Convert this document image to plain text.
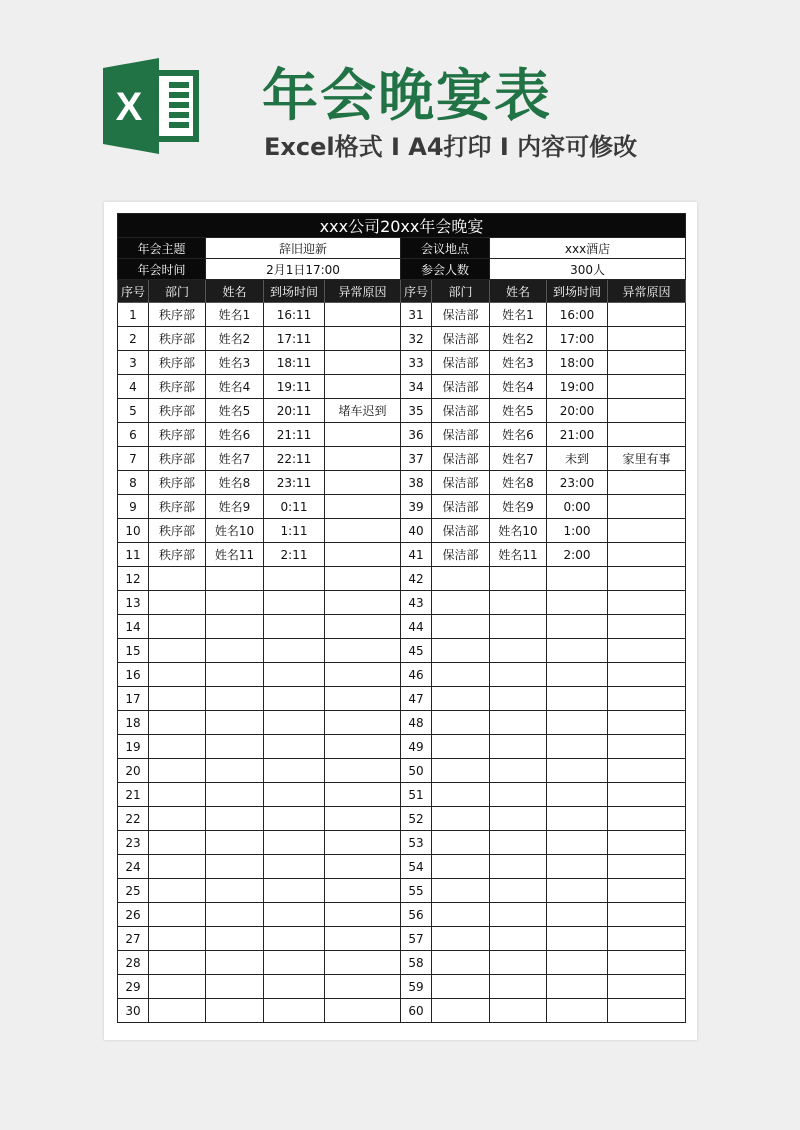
X 年会晚宴表
Excel格式 I A4打印 I 内容可修改
xxx公司20xx年会晚宴									
年会主题		辞旧迎新			会议地点		xxx酒店		
年会时间		2月1日17:00			参会人数		300人		
序号	部门	姓名	到场时间	异常原因	序号	部门	姓名	到场时间	异常原因
1	秩序部	姓名1	16:11		31	保洁部	姓名1	16:00	
2	秩序部	姓名2	17:11		32	保洁部	姓名2	17:00	
3	秩序部	姓名3	18:11		33	保洁部	姓名3	18:00	
4	秩序部	姓名4	19:11		34	保洁部	姓名4	19:00	
5	秩序部	姓名5	20:11	堵车迟到	35	保洁部	姓名5	20:00	
6	秩序部	姓名6	21:11		36	保洁部	姓名6	21:00	
7	秩序部	姓名7	22:11		37	保洁部	姓名7	未到	家里有事
8	秩序部	姓名8	23:11		38	保洁部	姓名8	23:00	
9	秩序部	姓名9	0:11		39	保洁部	姓名9	0:00	
10	秩序部	姓名10	1:11		40	保洁部	姓名10	1:00	
11	秩序部	姓名11	2:11		41	保洁部	姓名11	2:00	
12					42				
13					43				
14					44				
15					45				
16					46				
17					47				
18					48				
19					49				
20					50				
21					51				
22					52				
23					53				
24					54				
25					55				
26					56				
27					57				
28					58				
29					59				
30					60				
